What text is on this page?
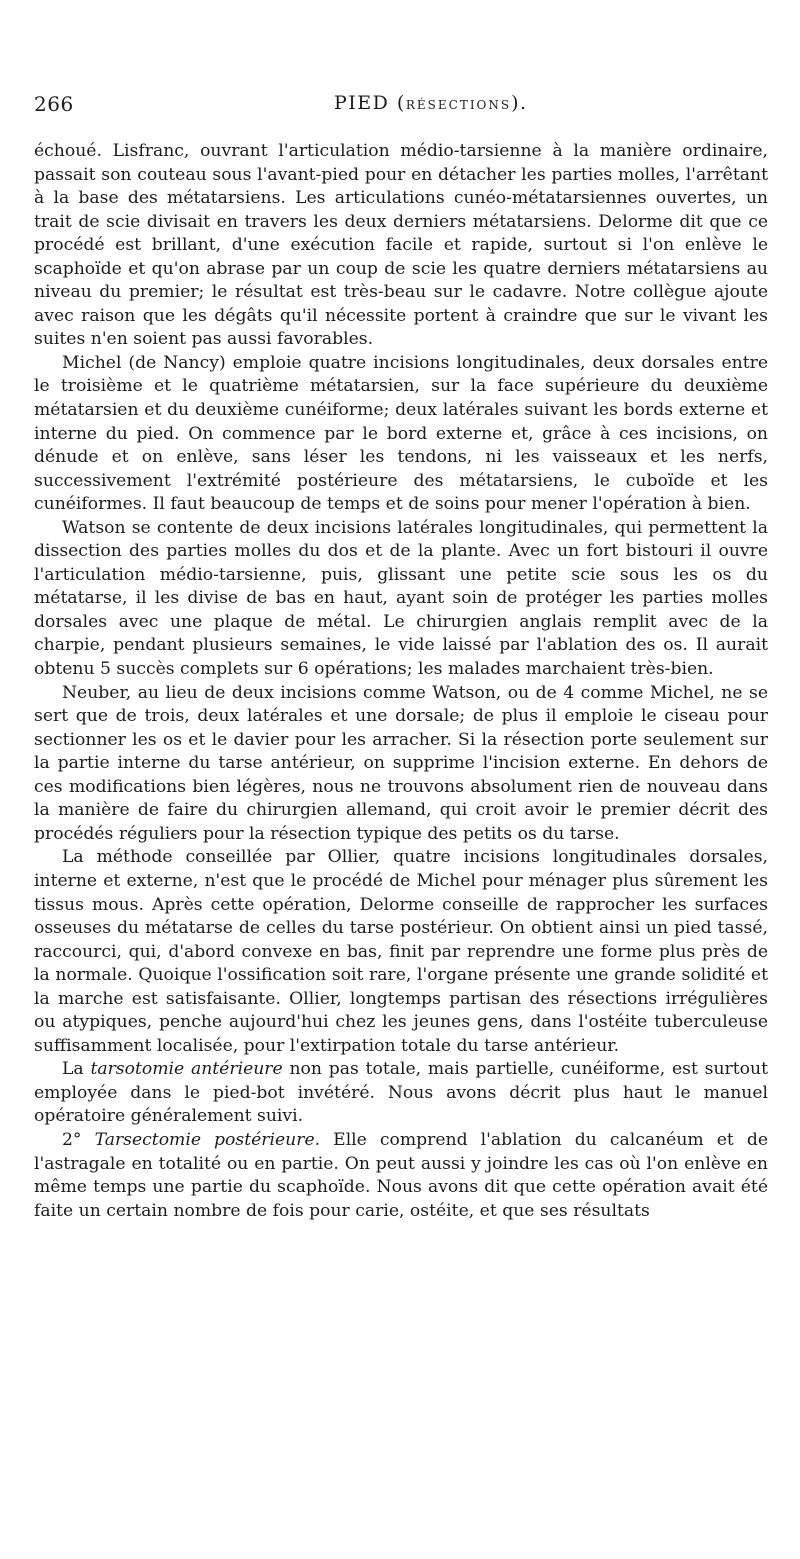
266	PIED (RÉSECTIONS).

échoué. Lisfranc, ouvrant l'articulation médio-tarsienne à la manière ordinaire, passait son couteau sous l'avant-pied pour en détacher les parties molles, l'arrêtant à la base des métatarsiens. Les articulations cunéo-métatarsiennes ouvertes, un trait de scie divisait en travers les deux derniers métatarsiens. Delorme dit que ce procédé est brillant, d'une exécution facile et rapide, surtout si l'on enlève le scaphoïde et qu'on abrase par un coup de scie les quatre derniers métatarsiens au niveau du premier; le résultat est très-beau sur le cadavre. Notre collègue ajoute avec raison que les dégâts qu'il nécessite portent à craindre que sur le vivant les suites n'en soient pas aussi favorables.

Michel (de Nancy) emploie quatre incisions longitudinales, deux dorsales entre le troisième et le quatrième métatarsien, sur la face supérieure du deuxième métatarsien et du deuxième cunéiforme; deux latérales suivant les bords externe et interne du pied. On commence par le bord externe et, grâce à ces incisions, on dénude et on enlève, sans léser les tendons, ni les vaisseaux et les nerfs, successivement l'extrémité postérieure des métatarsiens, le cuboïde et les cunéiformes. Il faut beaucoup de temps et de soins pour mener l'opération à bien.

Watson se contente de deux incisions latérales longitudinales, qui permettent la dissection des parties molles du dos et de la plante. Avec un fort bistouri il ouvre l'articulation médio-tarsienne, puis, glissant une petite scie sous les os du métatarse, il les divise de bas en haut, ayant soin de protéger les parties molles dorsales avec une plaque de métal. Le chirurgien anglais remplit avec de la charpie, pendant plusieurs semaines, le vide laissé par l'ablation des os. Il aurait obtenu 5 succès complets sur 6 opérations; les malades marchaient très-bien.

Neuber, au lieu de deux incisions comme Watson, ou de 4 comme Michel, ne se sert que de trois, deux latérales et une dorsale; de plus il emploie le ciseau pour sectionner les os et le davier pour les arracher. Si la résection porte seulement sur la partie interne du tarse antérieur, on supprime l'incision externe. En dehors de ces modifications bien légères, nous ne trouvons absolument rien de nouveau dans la manière de faire du chirurgien allemand, qui croit avoir le premier décrit des procédés réguliers pour la résection typique des petits os du tarse.

La méthode conseillée par Ollier, quatre incisions longitudinales dorsales, interne et externe, n'est que le procédé de Michel pour ménager plus sûrement les tissus mous. Après cette opération, Delorme conseille de rapprocher les surfaces osseuses du métatarse de celles du tarse postérieur. On obtient ainsi un pied tassé, raccourci, qui, d'abord convexe en bas, finit par reprendre une forme plus près de la normale. Quoique l'ossification soit rare, l'organe présente une grande solidité et la marche est satisfaisante. Ollier, longtemps partisan des résections irrégulières ou atypiques, penche aujourd'hui chez les jeunes gens, dans l'ostéite tuberculeuse suffisamment localisée, pour l'extirpation totale du tarse antérieur.

La tarsotomie antérieure non pas totale, mais partielle, cunéiforme, est surtout employée dans le pied-bot invétéré. Nous avons décrit plus haut le manuel opératoire généralement suivi.

2° Tarsectomie postérieure. Elle comprend l'ablation du calcanéum et de l'astragale en totalité ou en partie. On peut aussi y joindre les cas où l'on enlève en même temps une partie du scaphoïde. Nous avons dit que cette opération avait été faite un certain nombre de fois pour carie, ostéite, et que ses résultats
